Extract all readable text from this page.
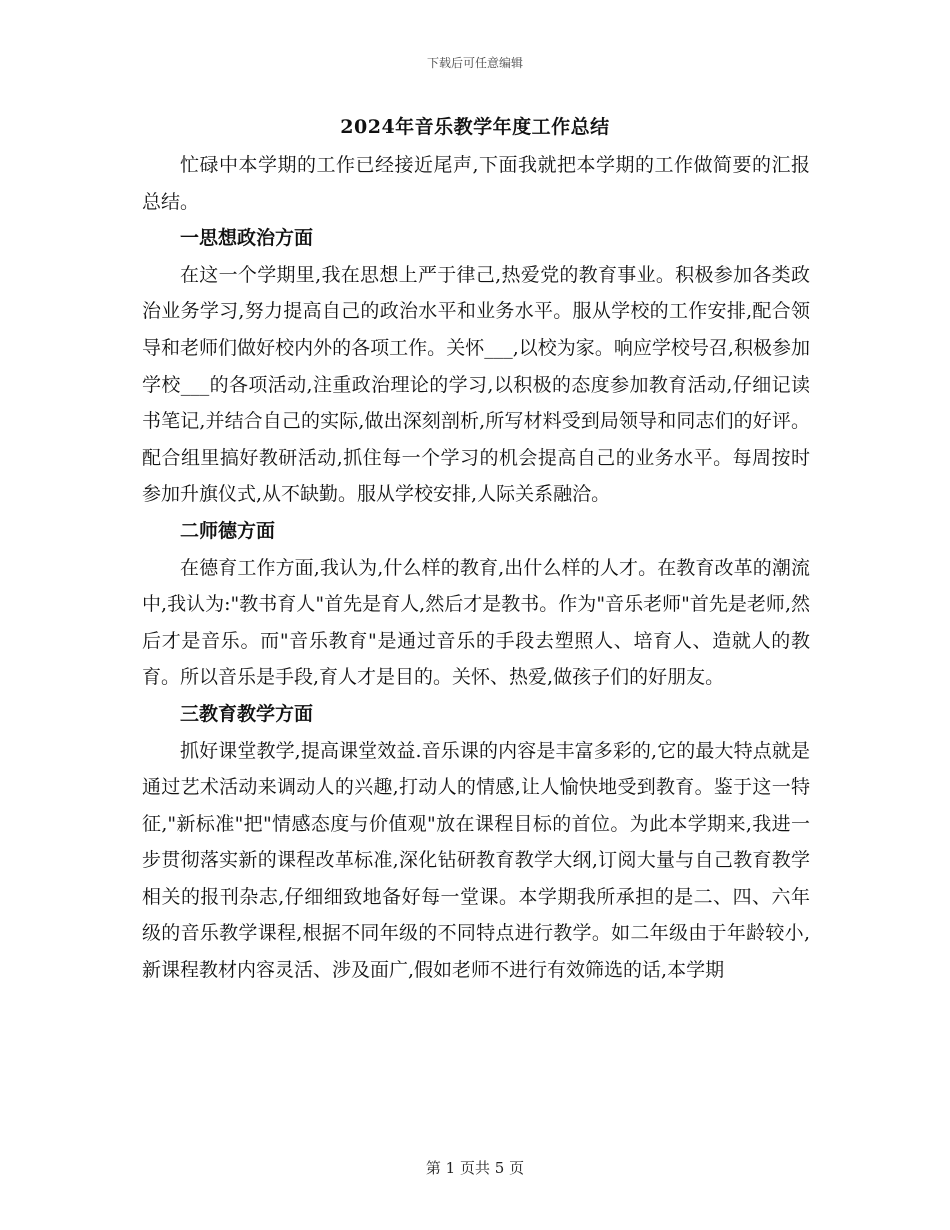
下载后可任意编辑
2024年音乐教学年度工作总结

忙碌中本学期的工作已经接近尾声,下面我就把本学期的工作做简要的汇报总结。

一思想政治方面

在这一个学期里,我在思想上严于律己,热爱党的教育事业。积极参加各类政治业务学习,努力提高自己的政治水平和业务水平。服从学校的工作安排,配合领导和老师们做好校内外的各项工作。关怀___,以校为家。响应学校号召,积极参加学校___的各项活动,注重政治理论的学习,以积极的态度参加教育活动,仔细记读书笔记,并结合自己的实际,做出深刻剖析,所写材料受到局领导和同志们的好评。配合组里搞好教研活动,抓住每一个学习的机会提高自己的业务水平。每周按时参加升旗仪式,从不缺勤。服从学校安排,人际关系融洽。

二师德方面

在德育工作方面,我认为,什么样的教育,出什么样的人才。在教育改革的潮流中,我认为:"教书育人"首先是育人,然后才是教书。作为"音乐老师"首先是老师,然后才是音乐。而"音乐教育"是通过音乐的手段去塑照人、培育人、造就人的教育。所以音乐是手段,育人才是目的。关怀、热爱,做孩子们的好朋友。

三教育教学方面

抓好课堂教学,提高课堂效益.音乐课的内容是丰富多彩的,它的最大特点就是通过艺术活动来调动人的兴趣,打动人的情感,让人愉快地受到教育。鉴于这一特征,"新标准"把"情感态度与价值观"放在课程目标的首位。为此本学期来,我进一步贯彻落实新的课程改革标准,深化钻研教育教学大纲,订阅大量与自己教育教学相关的报刊杂志,仔细细致地备好每一堂课。本学期我所承担的是二、四、六年级的音乐教学课程,根据不同年级的不同特点进行教学。如二年级由于年龄较小,新课程教材内容灵活、涉及面广,假如老师不进行有效筛选的话,本学期

第 1 页共 5 页
